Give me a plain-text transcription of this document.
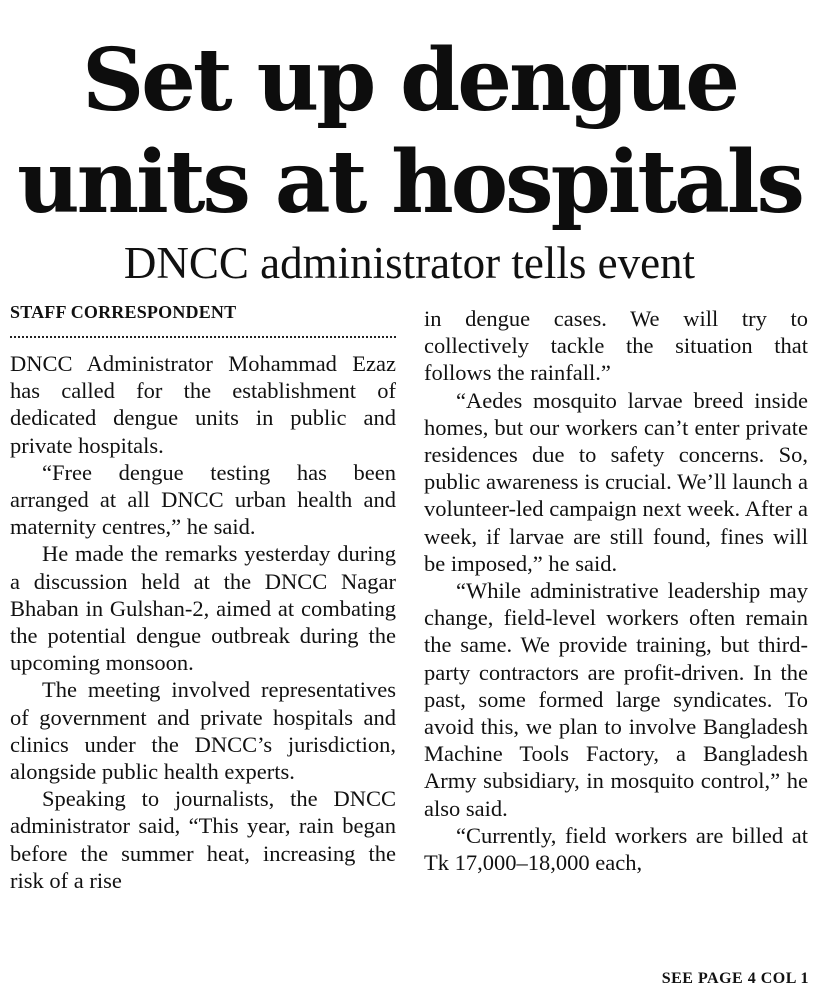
Set up dengue
units at hospitals
DNCC administrator tells event
STAFF CORRESPONDENT

DNCC Administrator Mohammad Ezaz has called for the establishment of dedicated dengue units in public and private hospitals.

“Free dengue testing has been arranged at all DNCC urban health and maternity centres,” he said.

He made the remarks yesterday during a discussion held at the DNCC Nagar Bhaban in Gulshan-2, aimed at combating the potential dengue outbreak during the upcoming monsoon.

The meeting involved representatives of government and private hospitals and clinics under the DNCC’s jurisdiction, alongside public health experts.

Speaking to journalists, the DNCC administrator said, “This year, rain began before the summer heat, increasing the risk of a rise

in dengue cases. We will try to collectively tackle the situation that follows the rainfall.”

“Aedes mosquito larvae breed inside homes, but our workers can’t enter private residences due to safety concerns. So, public awareness is crucial. We’ll launch a volunteer-led campaign next week. After a week, if larvae are still found, fines will be imposed,” he said.

“While administrative leadership may change, field-level workers often remain the same. We provide training, but third-party contractors are profit-driven. In the past, some formed large syndicates. To avoid this, we plan to involve Bangladesh Machine Tools Factory, a Bangladesh Army subsidiary, in mosquito control,” he also said.

“Currently, field workers are billed at Tk 17,000–18,000 each,

SEE PAGE 4 COL 1
